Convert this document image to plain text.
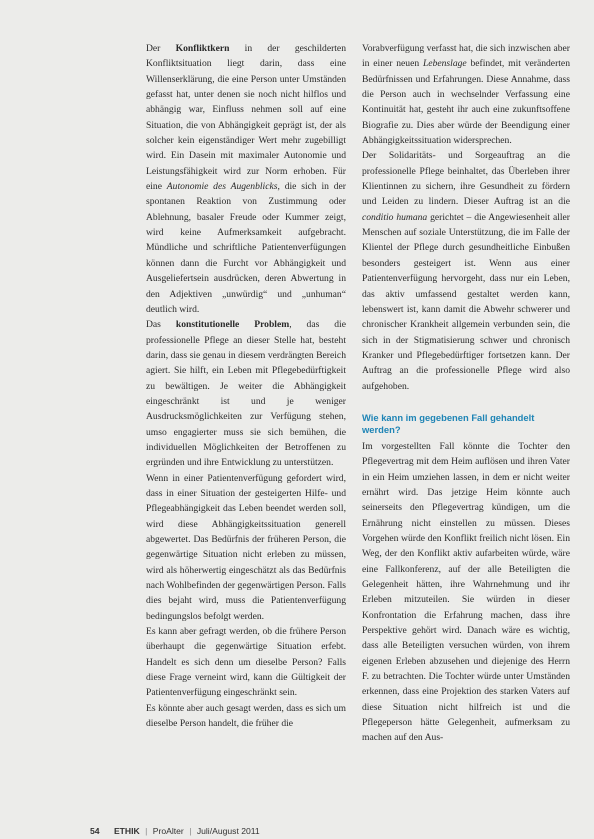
Der Konfliktkern in der geschilderten Konfliktsituation liegt darin, dass eine Willenserklärung, die eine Person unter Umständen gefasst hat, unter denen sie noch nicht hilflos und abhängig war, Einfluss nehmen soll auf eine Situation, die von Abhängigkeit geprägt ist, der als solcher kein eigenständiger Wert mehr zugebilligt wird. Ein Dasein mit maximaler Autonomie und Leistungsfähigkeit wird zur Norm erhoben. Für eine Autonomie des Augenblicks, die sich in der spontanen Reaktion von Zustimmung oder Ablehnung, basaler Freude oder Kummer zeigt, wird keine Aufmerksamkeit aufgebracht. Mündliche und schriftliche Patientenverfügungen können dann die Furcht vor Abhängigkeit und Ausgeliefertsein ausdrücken, deren Abwertung in den Adjektiven „unwürdig“ und „unhuman“ deutlich wird.

Das konstitutionelle Problem, das die professionelle Pflege an dieser Stelle hat, besteht darin, dass sie genau in diesem verdrängten Bereich agiert. Sie hilft, ein Leben mit Pflegebedürftigkeit zu bewältigen. Je weiter die Abhängigkeit eingeschränkt ist und je weniger Ausdrucksmöglichkeiten zur Verfügung stehen, umso engagierter muss sie sich bemühen, die individuellen Möglichkeiten der Betroffenen zu ergründen und ihre Entwicklung zu unterstützen.

Wenn in einer Patientenverfügung gefordert wird, dass in einer Situation der gesteigerten Hilfe- und Pflegeabhängigkeit das Leben beendet werden soll, wird diese Abhängigkeitssituation generell abgewertet. Das Bedürfnis der früheren Person, die gegenwärtige Situation nicht erleben zu müssen, wird als höherwertig eingeschätzt als das Bedürfnis nach Wohlbefinden der gegenwärtigen Person. Falls dies bejaht wird, muss die Patientenverfügung bedingungslos befolgt werden.

Es kann aber gefragt werden, ob die frühere Person überhaupt die gegenwärtige Situation erfebt. Handelt es sich denn um dieselbe Person? Falls diese Frage verneint wird, kann die Gültigkeit der Patientenverfügung eingeschränkt sein.

Es könnte aber auch gesagt werden, dass es sich um dieselbe Person handelt, die früher die

Vorabverfügung verfasst hat, die sich inzwischen aber in einer neuen Lebenslage befindet, mit veränderten Bedürfnissen und Erfahrungen. Diese Annahme, dass die Person auch in wechselnder Verfassung eine Kontinuität hat, gesteht ihr auch eine zukunftsoffene Biografie zu. Dies aber würde der Beendigung einer Abhängigkeitssituation widersprechen.

Der Solidaritäts- und Sorgeauftrag an die professionelle Pflege beinhaltet, das Überleben ihrer Klientinnen zu sichern, ihre Gesundheit zu fördern und Leiden zu lindern. Dieser Auftrag ist an die conditio humana gerichtet – die Angewiesenheit aller Menschen auf soziale Unterstützung, die im Falle der Klientel der Pflege durch gesundheitliche Einbußen besonders gesteigert ist. Wenn aus einer Patientenverfügung hervorgeht, dass nur ein Leben, das aktiv umfassend gestaltet werden kann, lebenswert ist, kann damit die Abwehr schwerer und chronischer Krankheit allgemein verbunden sein, die sich in der Stigmatisierung schwer und chronisch Kranker und Pflegebedürftiger fortsetzen kann. Der Auftrag an die professionelle Pflege wird also aufgehoben.

Wie kann im gegebenen Fall gehandelt werden?

Im vorgestellten Fall könnte die Tochter den Pflegevertrag mit dem Heim auflösen und ihren Vater in ein Heim umziehen lassen, in dem er nicht weiter ernährt wird. Das jetzige Heim könnte auch seinerseits den Pflegevertrag kündigen, um die Ernährung nicht einstellen zu müssen. Dieses Vorgehen würde den Konflikt freilich nicht lösen. Ein Weg, der den Konflikt aktiv aufarbeiten würde, wäre eine Fallkonferenz, auf der alle Beteiligten die Gelegenheit hätten, ihre Wahrnehmung und ihr Erleben mitzuteilen. Sie würden in dieser Konfrontation die Erfahrung machen, dass ihre Perspektive gehört wird. Danach wäre es wichtig, dass alle Beteiligten versuchen würden, von ihrem eigenen Erleben abzusehen und diejenige des Herrn F. zu betrachten. Die Tochter würde unter Umständen erkennen, dass eine Projektion des starken Vaters auf diese Situation nicht hilfreich ist und die Pflegeperson hätte Gelegenheit, aufmerksam zu machen auf den Aus-

54 ETHIK | ProAlter | Juli/August 2011
